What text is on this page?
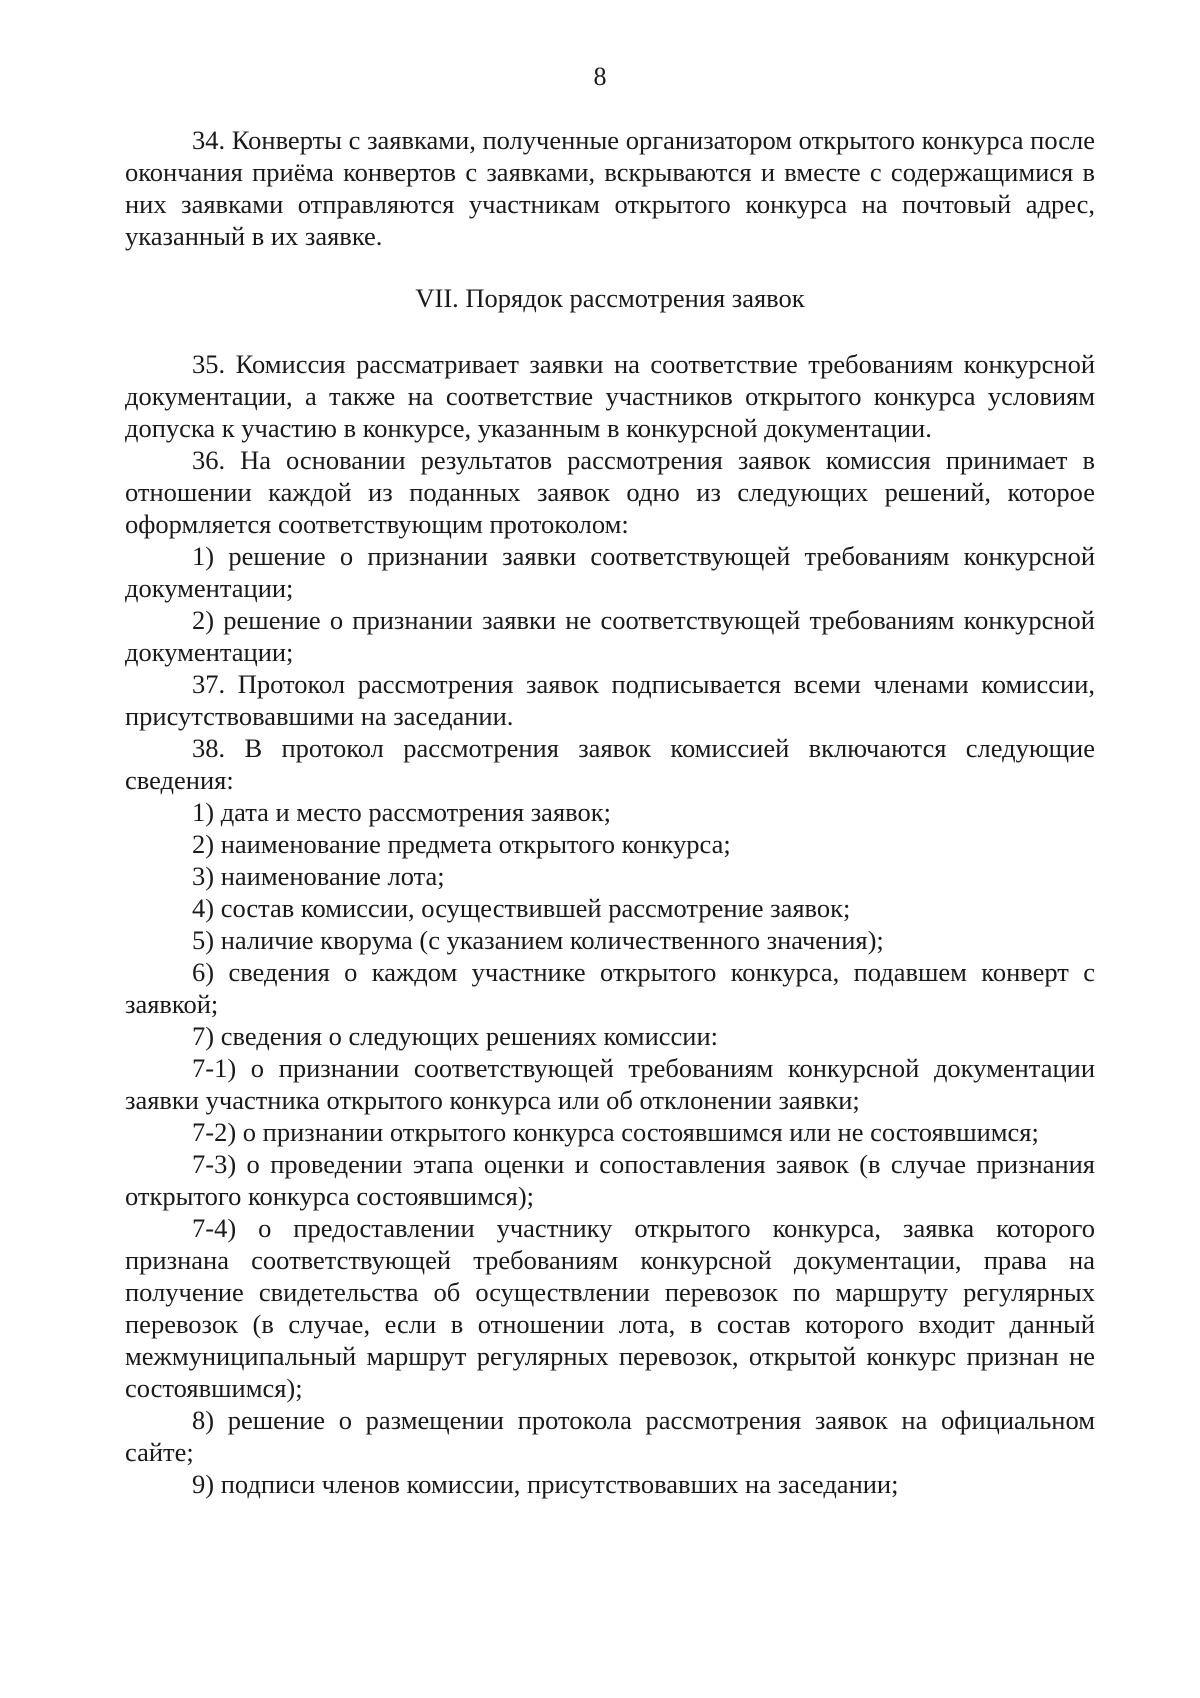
8

34. Конверты с заявками, полученные организатором открытого конкурса после окончания приёма конвертов с заявками, вскрываются и вместе с содержащимися в них заявками отправляются участникам открытого конкурса на почтовый адрес, указанный в их заявке.

VII. Порядок рассмотрения заявок

35. Комиссия рассматривает заявки на соответствие требованиям конкурсной документации, а также на соответствие участников открытого конкурса условиям допуска к участию в конкурсе, указанным в конкурсной документации.

36. На основании результатов рассмотрения заявок комиссия принимает в отношении каждой из поданных заявок одно из следующих решений, которое оформляется соответствующим протоколом:

1) решение о признании заявки соответствующей требованиям конкурсной документации;

2) решение о признании заявки не соответствующей требованиям конкурсной документации;

37. Протокол рассмотрения заявок подписывается всеми членами комиссии, присутствовавшими на заседании.

38. В протокол рассмотрения заявок комиссией включаются следующие сведения:

1) дата и место рассмотрения заявок;

2) наименование предмета открытого конкурса;

3) наименование лота;

4) состав комиссии, осуществившей рассмотрение заявок;

5) наличие кворума (с указанием количественного значения);

6) сведения о каждом участнике открытого конкурса, подавшем конверт с заявкой;

7) сведения о следующих решениях комиссии:

7-1) о признании соответствующей требованиям конкурсной документации заявки участника открытого конкурса или об отклонении заявки;

7-2) о признании открытого конкурса состоявшимся или не состоявшимся;

7-3) о проведении этапа оценки и сопоставления заявок (в случае признания открытого конкурса состоявшимся);

7-4) о предоставлении участнику открытого конкурса, заявка которого признана соответствующей требованиям конкурсной документации, права на получение свидетельства об осуществлении перевозок по маршруту регулярных перевозок (в случае, если в отношении лота, в состав которого входит данный межмуниципальный маршрут регулярных перевозок, открытой конкурс признан не состоявшимся);

8) решение о размещении протокола рассмотрения заявок на официальном сайте;

9) подписи членов комиссии, присутствовавших на заседании;
